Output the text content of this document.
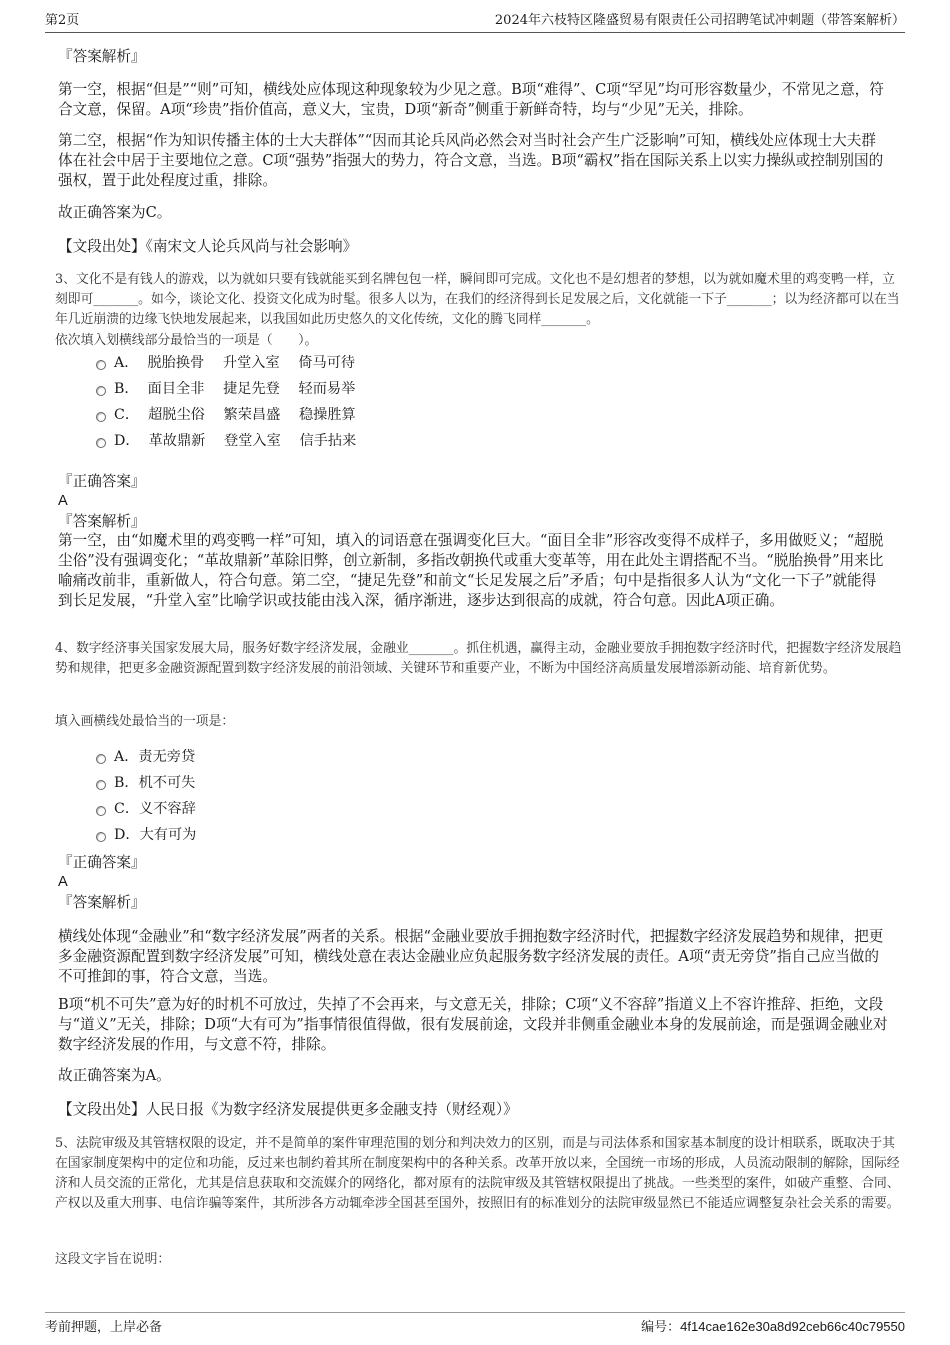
第2页	2024年六枝特区隆盛贸易有限责任公司招聘笔试冲刺题（带答案解析）
『答案解析』

第一空，根据“但是”“则”可知，横线处应体现这种现象较为少见之意。B项“难得”、C项“罕见”均可形容数量少，不常见之意，符合文意，保留。A项“珍贵”指价值高，意义大，宝贵，D项“新奇”侧重于新鲜奇特，均与“少见”无关，排除。

第二空，根据“作为知识传播主体的士大夫群体”“因而其论兵风尚必然会对当时社会产生广泛影响”可知，横线处应体现士大夫群体在社会中居于主要地位之意。C项“强势”指强大的势力，符合文意，当选。B项“霸权”指在国际关系上以实力操纵或控制别国的强权，置于此处程度过重，排除。

故正确答案为C。

【文段出处】《南宋文人论兵风尚与社会影响》

3、文化不是有钱人的游戏，以为就如只要有钱就能买到名牌包包一样，瞬间即可完成。文化也不是幻想者的梦想，以为就如魔术里的鸡变鸭一样，立刻即可_______。如今，谈论文化、投资文化成为时髦。很多人以为，在我们的经济得到长足发展之后，文化就能一下子_______；以为经济都可以在当年几近崩溃的边缘飞快地发展起来，以我国如此历史悠久的文化传统，文化的腾飞同样_______。

依次填入划横线部分最恰当的一项是（　　）。

A．  脱胎换骨　 升堂入室　 倚马可待
B．  面目全非　 捷足先登　 轻而易举
C．  超脱尘俗　 繁荣昌盛　 稳操胜算
D．  革故鼎新　 登堂入室　 信手拈来
『正确答案』
A
『答案解析』

第一空，由“如魔术里的鸡变鸭一样”可知，填入的词语意在强调变化巨大。“面目全非”形容改变得不成样子，多用做贬义；“超脱尘俗”没有强调变化；“革故鼎新”革除旧弊，创立新制，多指改朝换代或重大变革等，用在此处主谓搭配不当。“脱胎换骨”用来比喻痛改前非，重新做人，符合句意。第二空，“捷足先登”和前文“长足发展之后”矛盾；句中是指很多人认为“文化一下子”就能得到长足发展，“升堂入室”比喻学识或技能由浅入深，循序渐进，逐步达到很高的成就，符合句意。因此A项正确。

4、数字经济事关国家发展大局，服务好数字经济发展，金融业_______。抓住机遇，赢得主动，金融业要放手拥抱数字经济时代，把握数字经济发展趋势和规律，把更多金融资源配置到数字经济发展的前沿领域、关键环节和重要产业，不断为中国经济高质量发展增添新动能、培育新优势。

填入画横线处最恰当的一项是：

A．责无旁贷
B．机不可失
C．义不容辞
D．大有可为
『正确答案』
A
『答案解析』

横线处体现“金融业”和“数字经济发展”两者的关系。根据“金融业要放手拥抱数字经济时代，把握数字经济发展趋势和规律，把更多金融资源配置到数字经济发展”可知，横线处意在表达金融业应负起服务数字经济发展的责任。A项“责无旁贷”指自己应当做的不可推卸的事，符合文意，当选。

B项“机不可失”意为好的时机不可放过，失掉了不会再来，与文意无关，排除；C项“义不容辞”指道义上不容许推辞、拒绝，文段与“道义”无关，排除；D项“大有可为”指事情很值得做，很有发展前途，文段并非侧重金融业本身的发展前途，而是强调金融业对数字经济发展的作用，与文意不符，排除。

故正确答案为A。

【文段出处】人民日报《为数字经济发展提供更多金融支持（财经观）》

5、法院审级及其管辖权限的设定，并不是简单的案件审理范围的划分和判决效力的区别，而是与司法体系和国家基本制度的设计相联系，既取决于其在国家制度架构中的定位和功能，反过来也制约着其所在制度架构中的各种关系。改革开放以来，全国统一市场的形成，人员流动限制的解除，国际经济和人员交流的正常化，尤其是信息获取和交流媒介的网络化，都对原有的法院审级及其管辖权限提出了挑战。一些类型的案件，如破产重整、合同、产权以及重大刑事、电信诈骗等案件，其所涉各方动辄牵涉全国甚至国外，按照旧有的标准划分的法院审级显然已不能适应调整复杂社会关系的需要。

这段文字旨在说明：

考前押题，上岸必备	编号：4f14cae162e30a8d92ceb66c40c79550
